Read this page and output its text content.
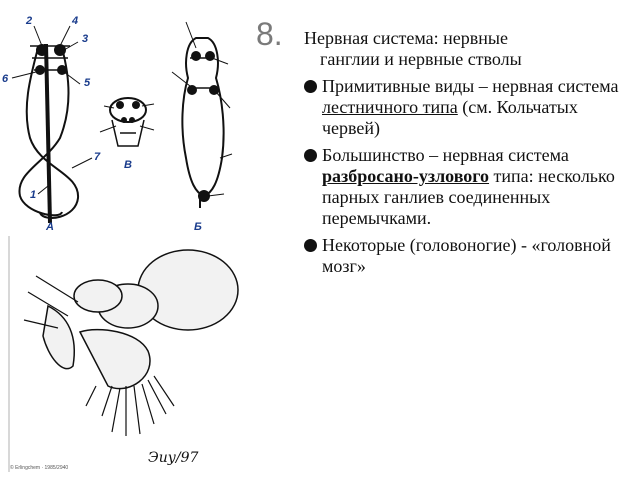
2	4
3
6	5
7
1
А
В
Б
Эиу/97
© Erlingchem · 1985/2940
8. Нервная система: нервные
ганглии и нервные стволы
Примитивные виды – нервная система лестничного типа (см. Кольчатых червей)
Большинство – нервная система разбросано-узлового типа: несколько парных ганлиев соединенных перемычками.
Некоторые (головоногие) - «головной мозг»
